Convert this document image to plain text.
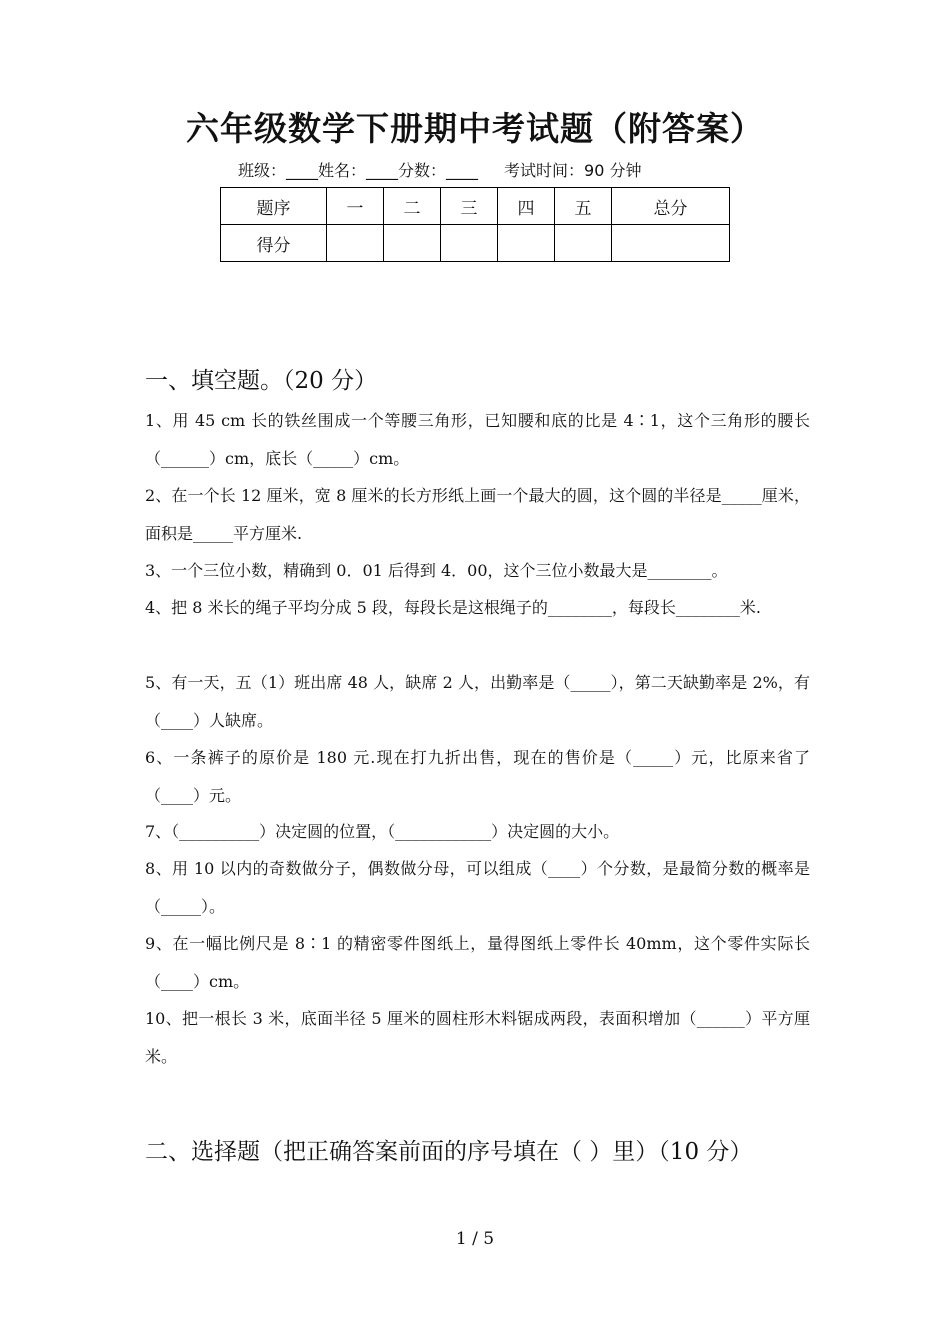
六年级数学下册期中考试题（附答案）
班级：____姓名：____分数：____ 考试时间：90 分钟
题序	一	二	三	四	五	总分
得分						
一、填空题。（20 分）
1、用 45 cm 长的铁丝围成一个等腰三角形，已知腰和底的比是 4∶1，这个三角形的腰长（______）cm，底长（_____）cm。
2、在一个长 12 厘米，宽 8 厘米的长方形纸上画一个最大的圆，这个圆的半径是_____厘米，面积是_____平方厘米.
3、一个三位小数，精确到 0．01 后得到 4．00，这个三位小数最大是________。
4、把 8 米长的绳子平均分成 5 段，每段长是这根绳子的________，每段长________米.
5、有一天，五（1）班出席 48 人，缺席 2 人，出勤率是（_____），第二天缺勤率是 2%，有（____）人缺席。
6、一条裤子的原价是 180 元.现在打九折出售，现在的售价是（_____）元，比原来省了（____）元。
7、（__________）决定圆的位置，（____________）决定圆的大小。
8、用 10 以内的奇数做分子，偶数做分母，可以组成（____）个分数，是最简分数的概率是（_____）。
9、在一幅比例尺是 8∶1 的精密零件图纸上，量得图纸上零件长 40mm，这个零件实际长（____）cm。
10、把一根长 3 米，底面半径 5 厘米的圆柱形木料锯成两段，表面积增加（______）平方厘米。
二、选择题（把正确答案前面的序号填在（ ）里）（10 分）
1 / 5
